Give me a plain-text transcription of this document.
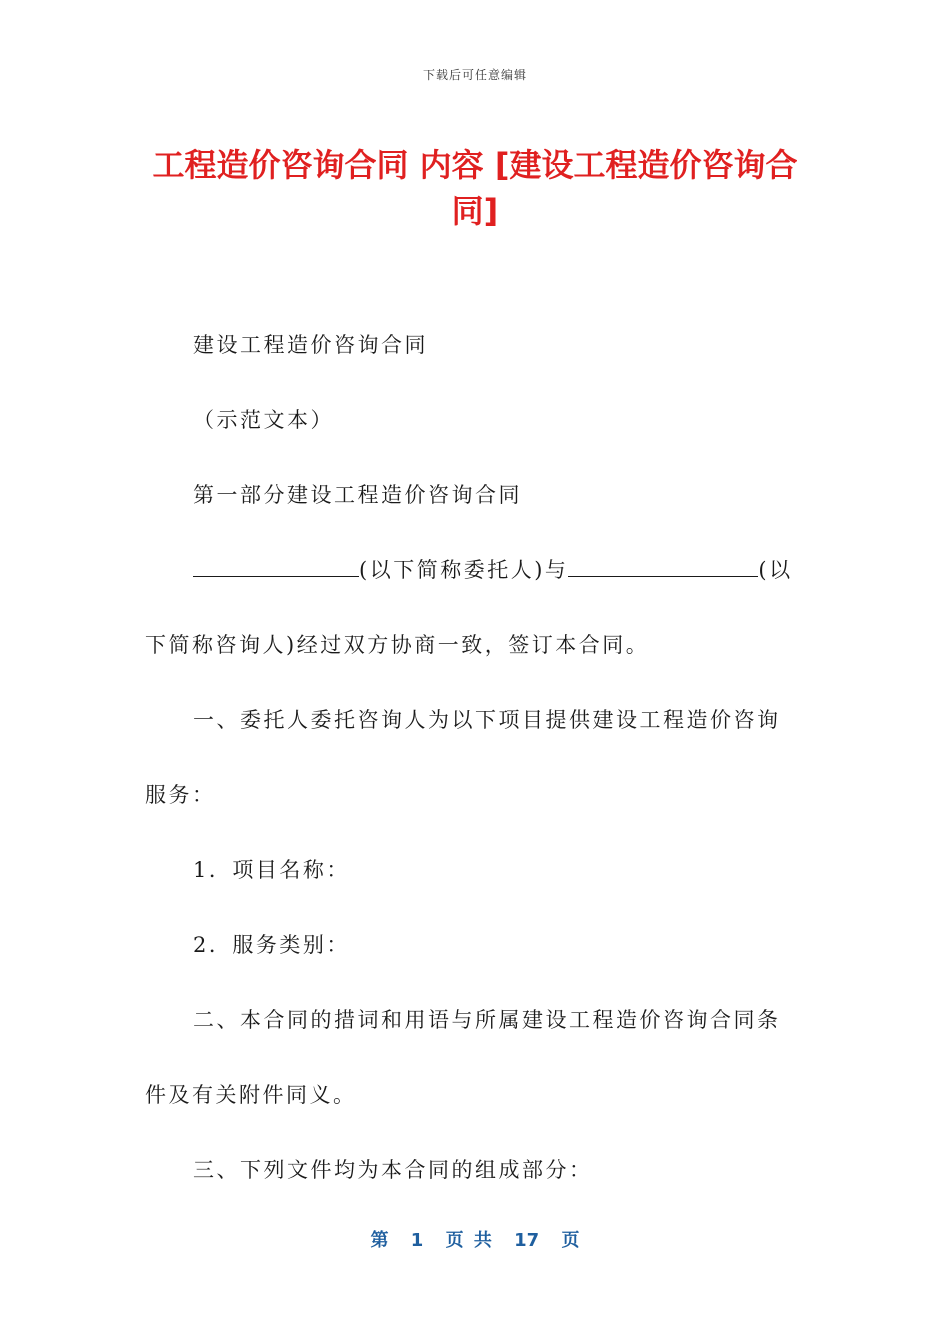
下载后可任意编辑
工程造价咨询合同 内容 [建设工程造价咨询合同]
建设工程造价咨询合同
（示范文本）
第一部分建设工程造价咨询合同
(以下简称委托人)与	(以
下简称咨询人)经过双方协商一致，签订本合同。
一、委托人委托咨询人为以下项目提供建设工程造价咨询
服务：
1．项目名称：
2．服务类别：
二、本合同的措词和用语与所属建设工程造价咨询合同条
件及有关附件同义。
三、下列文件均为本合同的组成部分：
第 1 页 共 17 页
